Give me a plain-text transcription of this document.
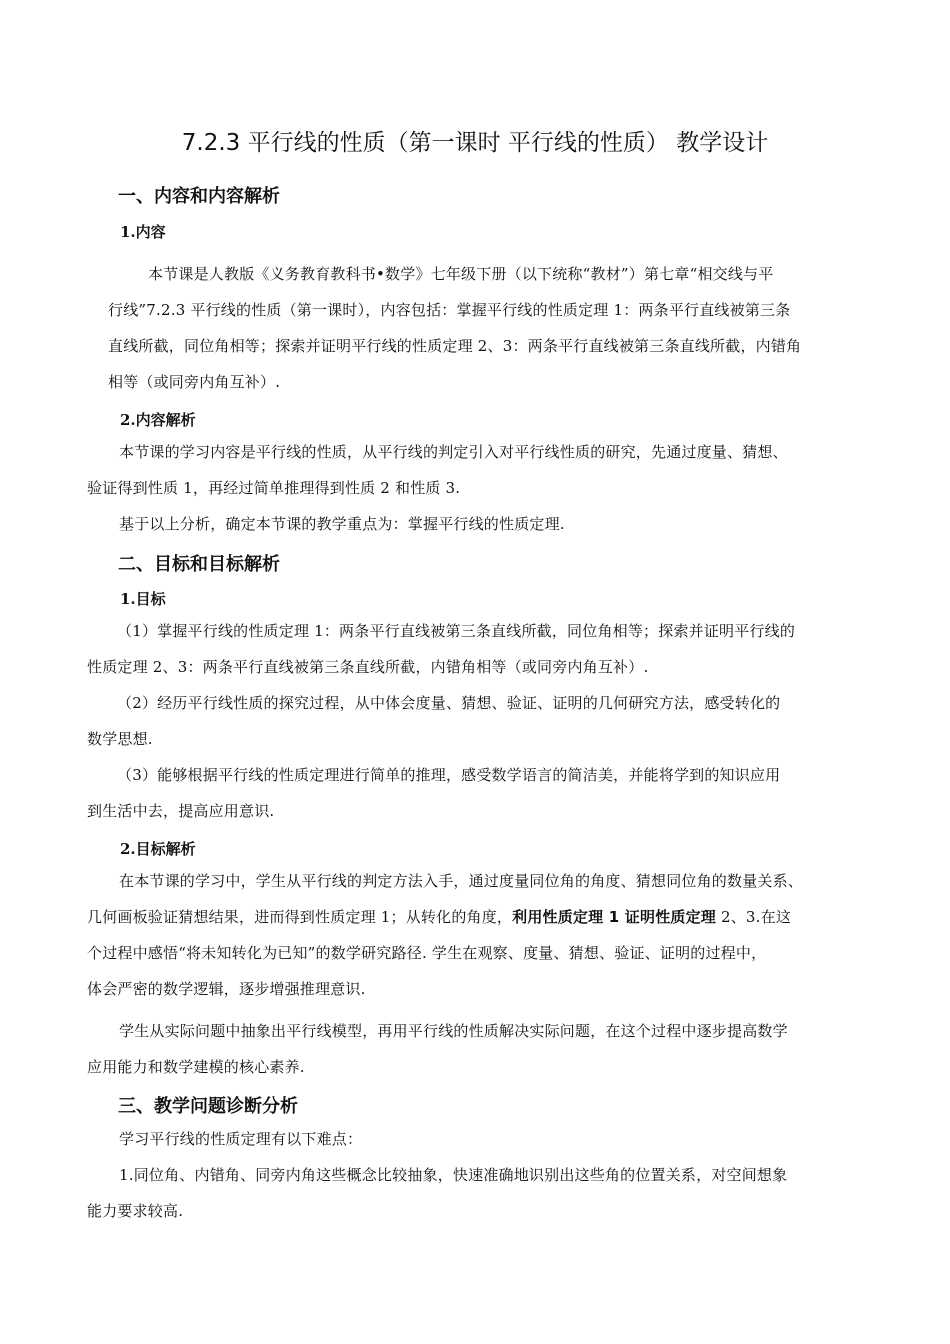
7.2.3 平行线的性质（第一课时 平行线的性质） 教学设计
一、内容和内容解析
1.内容
本节课是人教版《义务教育教科书•数学》七年级下册（以下统称“教材”）第七章“相交线与平
行线”7.2.3 平行线的性质（第一课时），内容包括：掌握平行线的性质定理 1：两条平行直线被第三条
直线所截，同位角相等；探索并证明平行线的性质定理 2、3：两条平行直线被第三条直线所截，内错角
相等（或同旁内角互补）.
2.内容解析
本节课的学习内容是平行线的性质，从平行线的判定引入对平行线性质的研究，先通过度量、猜想、
验证得到性质 1，再经过简单推理得到性质 2 和性质 3.
基于以上分析，确定本节课的教学重点为：掌握平行线的性质定理.
二、目标和目标解析
1.目标
（1）掌握平行线的性质定理 1：两条平行直线被第三条直线所截，同位角相等；探索并证明平行线的
性质定理 2、3：两条平行直线被第三条直线所截，内错角相等（或同旁内角互补）.
（2）经历平行线性质的探究过程，从中体会度量、猜想、验证、证明的几何研究方法，感受转化的
数学思想.
（3）能够根据平行线的性质定理进行简单的推理，感受数学语言的简洁美，并能将学到的知识应用
到生活中去，提高应用意识.
2.目标解析
在本节课的学习中，学生从平行线的判定方法入手，通过度量同位角的角度、猜想同位角的数量关系、
几何画板验证猜想结果，进而得到性质定理 1；从转化的角度，利用性质定理 1 证明性质定理 2、3.在这
个过程中感悟“将未知转化为已知”的数学研究路径. 学生在观察、度量、猜想、验证、证明的过程中，
体会严密的数学逻辑，逐步增强推理意识.
学生从实际问题中抽象出平行线模型，再用平行线的性质解决实际问题，在这个过程中逐步提高数学
应用能力和数学建模的核心素养.
三、教学问题诊断分析
学习平行线的性质定理有以下难点：
1.同位角、内错角、同旁内角这些概念比较抽象，快速准确地识别出这些角的位置关系，对空间想象
能力要求较高.
